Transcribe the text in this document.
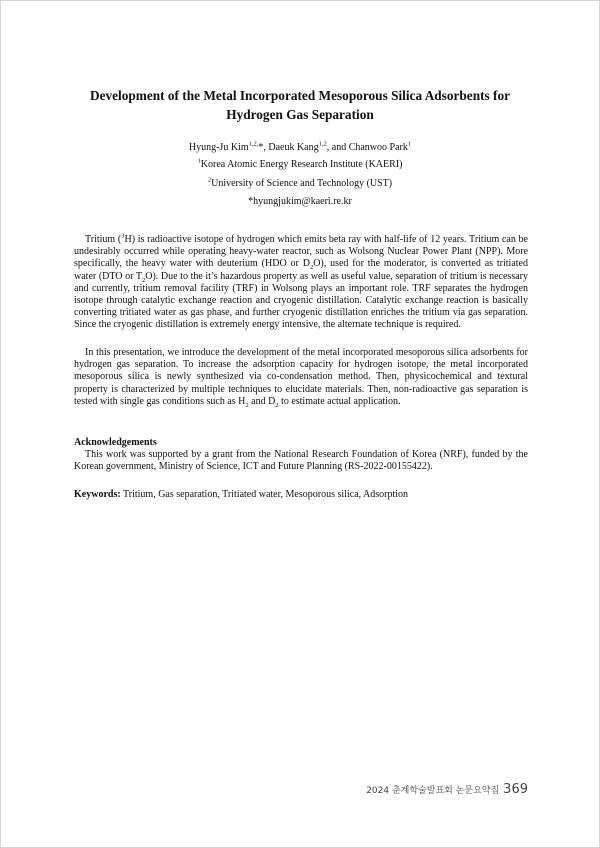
Development of the Metal Incorporated Mesoporous Silica Adsorbents for
Hydrogen Gas Separation
Hyung-Ju Kim$^{1,2,}$*, Daeuk Kang$^{1,2}$, and Chanwoo Park$^1$
$^1$Korea Atomic Energy Research Institute (KAERI)
$^2$University of Science and Technology (UST)
*hyungjukim@kaeri.re.kr

Tritium ($^3$H) is radioactive isotope of hydrogen which emits beta ray with half-life of 12 years. Tritium can be undesirably occurred while operating heavy-water reactor, such as Wolsong Nuclear Power Plant (NPP). More specifically, the heavy water with deuterium (HDO or $D_2O$), used for the moderator, is converted as tritiated water (DTO or $T_2O$). Due to the it’s hazardous property as well as useful value, separation of tritium is necessary and currently, tritium removal facility (TRF) in Wolsong plays an important role. TRF separates the hydrogen isotope through catalytic exchange reaction and cryogenic distillation. Catalytic exchange reaction is basically converting tritiated water as gas phase, and further cryogenic distillation enriches the tritium via gas separation. Since the cryogenic distillation is extremely energy intensive, the alternate technique is required.

In this presentation, we introduce the development of the metal incorporated mesoporous silica adsorbents for hydrogen gas separation. To increase the adsorption capacity for hydrogen isotope, the metal incorporated mesoporous silica is newly synthesized via co-condensation method. Then, physicochemical and textural property is characterized by multiple techniques to elucidate materials. Then, non-radioactive gas separation is tested with single gas conditions such as $H_2$ and $D_2$ to estimate actual application.

Acknowledgements

This work was supported by a grant from the National Research Foundation of Korea (NRF), funded by the Korean government, Ministry of Science, ICT and Future Planning (RS-2022-00155422).

Keywords: Tritium, Gas separation, Tritiated water, Mesoporous silica, Adsorption

2024 춘계학술발표회 논문요약집 369
